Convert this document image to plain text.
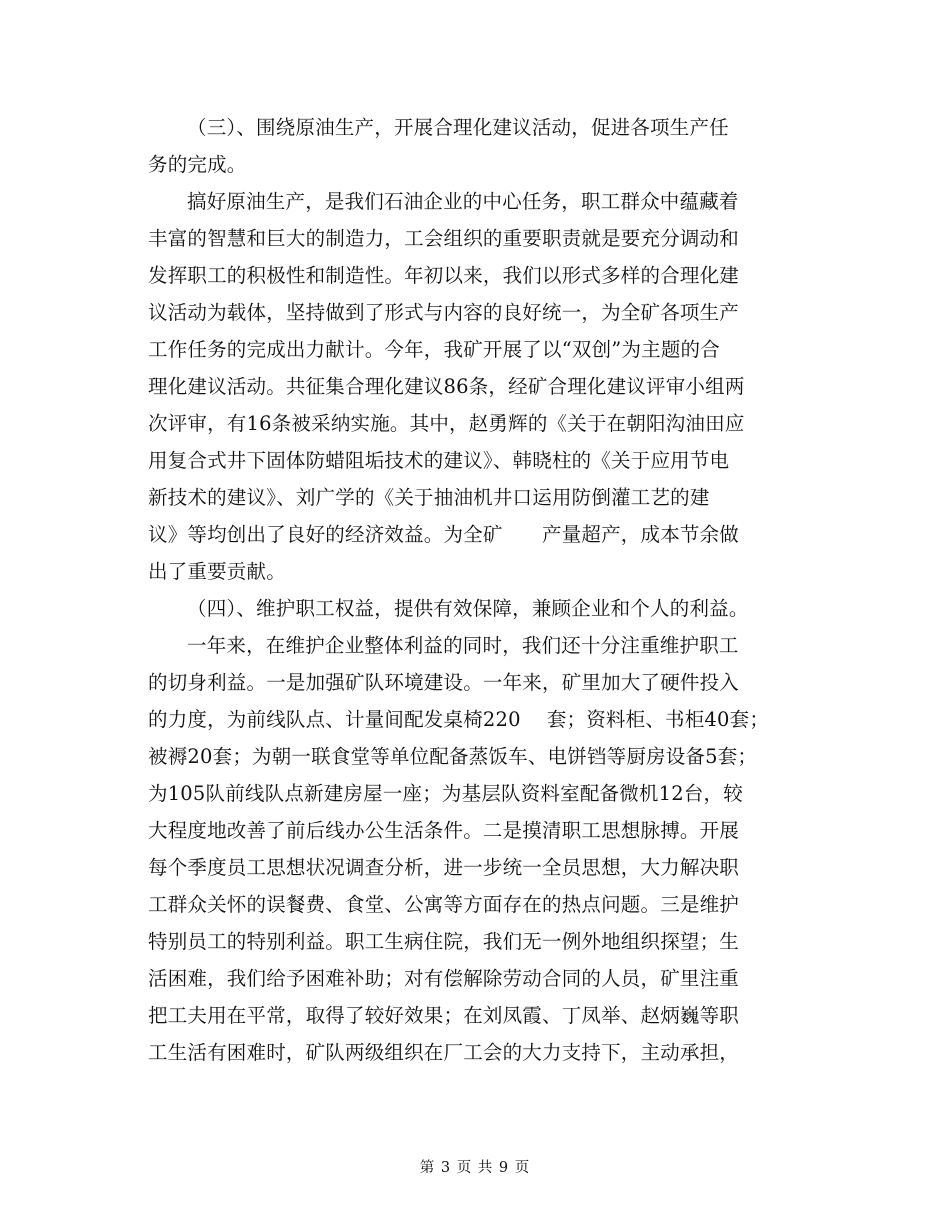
（三）、围绕原油生产，开展合理化建议活动，促进各项生产任
务的完成。
搞好原油生产，是我们石油企业的中心任务，职工群众中蕴藏着
丰富的智慧和巨大的制造力，工会组织的重要职责就是要充分调动和
发挥职工的积极性和制造性。年初以来，我们以形式多样的合理化建
议活动为载体，坚持做到了形式与内容的良好统一，为全矿各项生产
工作任务的完成出力献计。今年，我矿开展了以“双创”为主题的合
理化建议活动。共征集合理化建议86条，经矿合理化建议评审小组两
次评审，有16条被采纳实施。其中，赵勇辉的《关于在朝阳沟油田应
用复合式井下固体防蜡阻垢技术的建议》、韩晓柱的《关于应用节电
新技术的建议》、刘广学的《关于抽油机井口运用防倒灌工艺的建
议》等均创出了良好的经济效益。为全矿　　产量超产，成本节余做
出了重要贡献。
（四）、维护职工权益，提供有效保障，兼顾企业和个人的利益。
一年来，在维护企业整体利益的同时，我们还十分注重维护职工
的切身利益。一是加强矿队环境建设。一年来，矿里加大了硬件投入
的力度，为前线队点、计量间配发桌椅220　 套；资料柜、书柜40套；
被褥20套；为朝一联食堂等单位配备蒸饭车、电饼铛等厨房设备5套；
为105队前线队点新建房屋一座；为基层队资料室配备微机12台，较
大程度地改善了前后线办公生活条件。二是摸清职工思想脉搏。开展
每个季度员工思想状况调查分析，进一步统一全员思想，大力解决职
工群众关怀的误餐费、食堂、公寓等方面存在的热点问题。三是维护
特别员工的特别利益。职工生病住院，我们无一例外地组织探望；生
活困难，我们给予困难补助；对有偿解除劳动合同的人员，矿里注重
把工夫用在平常，取得了较好效果；在刘凤霞、丁凤举、赵炳巍等职
工生活有困难时，矿队两级组织在厂工会的大力支持下，主动承担，
第 3 页 共 9 页
